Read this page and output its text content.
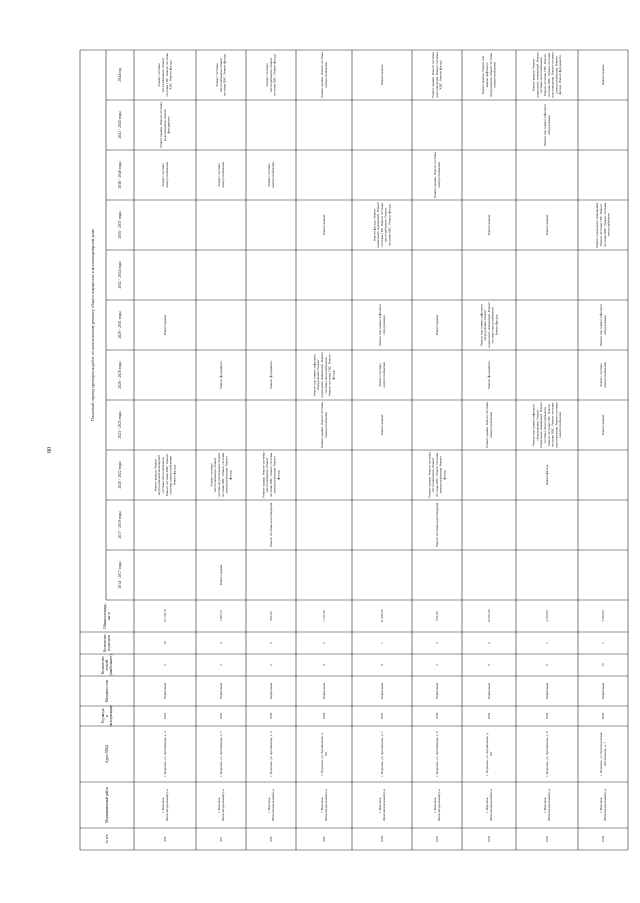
80
Плановый период проведения работ по капитальному ремонту общего имущества в многоквартирном доме
№ п/п
Муниципальный район
Адрес МКД
Год вводавэксплуатацию
Материал стен
Количествоэтажей(наибольшее)
Количествоподъездов
Общая площадь,кв. м
2014 - 2017 годы
2017 - 2019 годы
2020 - 2022 годы
2023 - 2025 годы
2026 - 2028 годы
2029 - 2031 годы
2032 - 2034 годы
2035 - 2037 годы
2038 - 2040 годы
2041 - 2043 годы
2044 год
996
г. Воронеж,Железнодорожный р-н
г. Воронеж, ул. Артамонова, д. 4
1981
Кирпичные
5
18
14 736,78
Ремонт крыши. Ремонтвнутридомовой инженернойсистемы теплоснабжения.Ремонт системы ХВС. Ремонтсистемы электроснабжения.Ремонт фасада
Ремонт крыши
Ремонт системыэлектроснабжения
Ремонт крыши. Ремонт системыводоотведения. Ремонтфундамента
Ремонт системытеплоснабжения. Ремонтсистемы ГВС. Ремонт системыХВС. Ремонт фасада
997
г. Воронеж,Железнодорожный р-н
г. Воронеж, ул. Артамонова, д. 5
1960
Кирпичные
2
4
1 095,70
Ремонт крыши
Ремонт системытеплоснабжения. Ремонтсистемы водоотведения. Ремонтсистемы ХВС. Ремонт системыэлектроснабжения. Ремонтфасада
Ремонт фундамента
Ремонт системыэлектроснабжения
Ремонт системытеплоснабжения. Ремонтсистемы ХВС. Ремонт фасада
998
г. Воронеж,Железнодорожный р-н
г. Воронеж, ул. Артамонова, д. 6
1958
Кирпичные
2
2
802,00
Ремонт системы водоотведения
Ремонт крыши. Ремонт системытеплоснабжения. Ремонтсистемы ХВС. Ремонт системыэлектроснабжения. Ремонтфасада
Ремонт фундамента
Ремонт системыэлектроснабжения
Ремонт системытеплоснабжения. Ремонтсистемы ХВС. Ремонт фасада
999
г. Воронеж,Железнодорожный р-н
г. Воронеж, ул. Артамонова, д.6А
1982
Кирпичные
9
2
7 511,00
Ремонт крыши. Ремонт системыэлектроснабжения
Ремонт или замена лифтовогооборудования. Ремонтподвальных помещений. Ремонтсистемы теплоснабжения.Ремонт системы ГВС. Ремонтфасада
Ремонт крыши
Ремонт крыши. Ремонт системыэлектроснабжения
1000
г. Воронеж,Железнодорожный р-н
г. Воронеж, ул. Артамонова, д. 7
2005
Кирпичные
8
1
11 990,90
Ремонт крыши
Ремонт системыэлектроснабжения
Ремонт или замена лифтовогооборудования
Ремонт фасада. Ремонтподвальных помещений. Ремонтсистемы ГВС. Ремонт системытеплоснабжения. Ремонтсистемы ХВС. Ремонт фасада
Ремонт крыши
1001
г. Воронеж,Железнодорожный р-н
г. Воронеж, ул. Артамонова, д. 8
1958
Кирпичные
2
2
952,00
Ремонт системы водоотведения
Ремонт крыши. Ремонт системытеплоснабжения. Ремонтсистемы ХВС. Ремонт системыэлектроснабжения. Ремонтфасада
Ремонт крыши
Ремонт крыши. Ремонт системыэлектроснабжения
Ремонт крыши. Ремонт системыводоотведения. Ремонт системыХВС. Ремонт фасада
1002
г. Воронеж,Железнодорожный р-н
г. Воронеж, ул. Артамонова, д.8А
1992
Кирпичные
9
4
10 601,00
Ремонт крыши. Ремонт системыэлектроснабжения
Ремонт фундамента
Ремонт или замена лифтовогооборудования. Ремонтподвальных помещений. Ремонтсистемы теплоснабжения.Ремонт фасада
Ремонт крыши
Ремонт крыши. Ремонт илизамена лифтовогооборудования. Ремонт системыэлектроснабжения
1003
г. Воронеж,Железнодорожный р-н
г. Воронеж, ул. Артамонова, д. 9
1984
Кирпичные
9
1
4 100,00
Ремонт фасада
Ремонт или замена лифтовогооборудования. Ремонтподвальных помещений. Ремонтсистемы теплоснабжения.Ремонт системы ГВС. Ремонтсистемы ХВС. Ремонт системыводоотведения. Ремонт системыэлектроснабжения
Ремонт крыши
Ремонт или замена лифтовогооборудования
Ремонт крыши. Ремонтподвальных помещений. Ремонтсистемы теплоснабжения.Ремонт системы ГВС. Ремонтсистемы ХВС. Ремонт системыводоотведения. Ремонт системыэлектроснабжения. Ремонтфасада. Ремонт фундамента
1004
г. Воронеж,Железнодорожный р-н
г. Воронеж, ул. Краснодонская(Волоконка), д. 1
2006
Кирпичные
15
1
5 930,00
Ремонт крыши
Ремонт системыэлектроснабжения
Ремонт или замена лифтовогооборудования
Ремонт подвальных помещений.Ремонт системы ГВС. Ремонтсистемы ХВС. Ремонт системытеплоснабжения
Ремонт крыши
